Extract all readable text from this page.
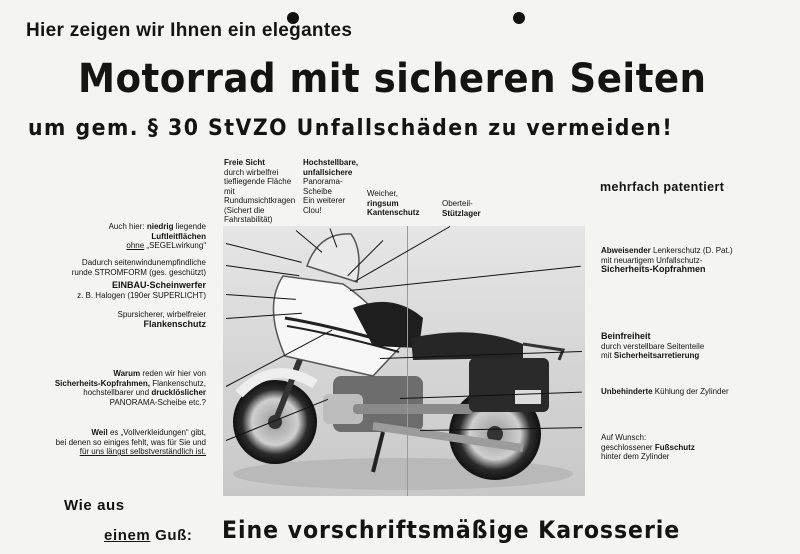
Hier zeigen wir Ihnen ein elegantes
Motorrad mit sicheren Seiten
um gem. § 30 StVZO Unfallschäden zu vermeiden!
Freie Sicht
durch wirbelfrei
tiefliegende Fläche
mit
Rundumsichtkragen
(Sichert die
Fahrstabilität)
Hochstellbare,
unfallsichere
Panorama-
Scheibe
Ein weiterer
Clou!
Weicher,
ringsum
Kantenschutz
Oberteil-
Stützlager
mehrfach patentiert
Auch hier: niedrig liegende
Luftleitflächen
ohne „SEGELwirkung“
Dadurch seitenwindunempfindliche
runde STROMFORM (ges. geschützt)
EINBAU-Scheinwerfer
z. B. Halogen (190er SUPERLICHT)
Spursicherer, wirbelfreier
Flankenschutz
Warum reden wir hier von
Sicherheits-Kopfrahmen, Flankenschutz,
hochstellbarer und drucklöslicher
PANORAMA-Scheibe etc.?
Weil es „Vollverkleidungen“ gibt,
bei denen so einiges fehlt, was für Sie und
für uns längst selbstverständlich ist.
Abweisender Lenkerschutz (D. Pat.)
mit neuartigem Unfallschutz-
Sicherheits-Kopfrahmen
Beinfreiheit
durch verstellbare Seitenteile
mit Sicherheitsarretierung
Unbehinderte Kühlung der Zylinder
Auf Wunsch:
geschlossener Fußschutz
hinter dem Zylinder
Wie aus
einem Guß: Eine vorschriftsmäßige Karosserie
